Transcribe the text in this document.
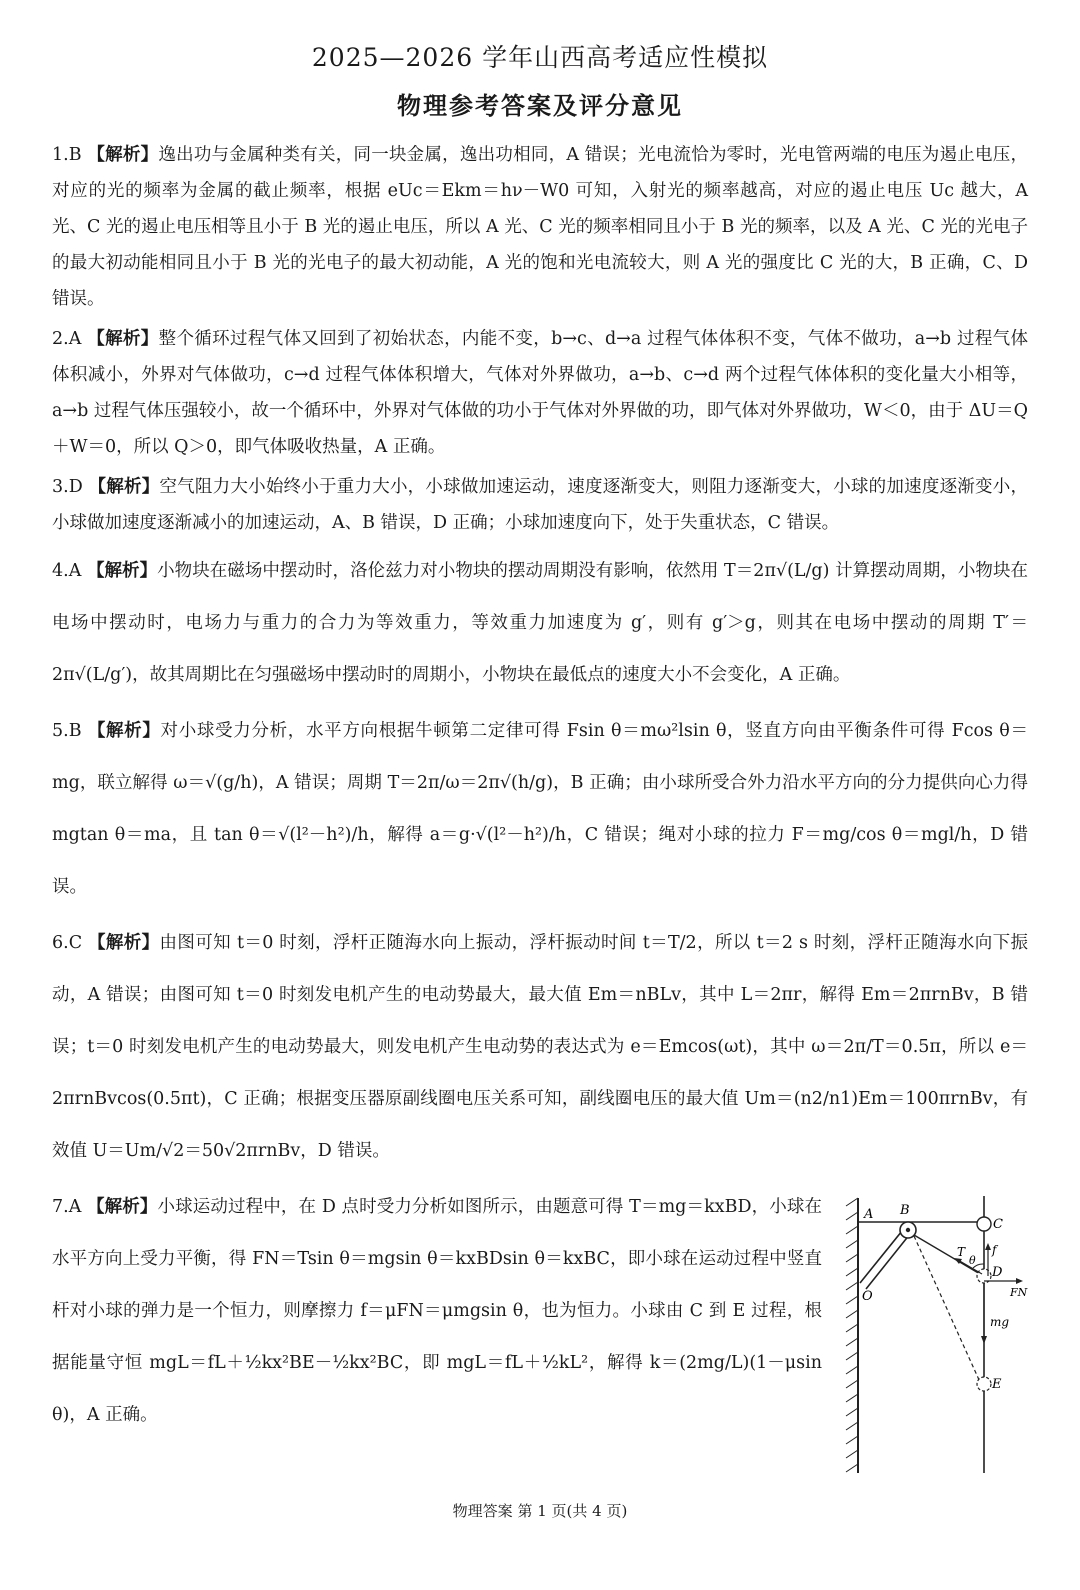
2025—2026 学年山西高考适应性模拟
物理参考答案及评分意见

1.B 【解析】逸出功与金属种类有关，同一块金属，逸出功相同，A 错误；光电流恰为零时，光电管两端的电压为遏止电压，对应的光的频率为金属的截止频率，根据 eUc＝Ekm＝hν－W0 可知，入射光的频率越高，对应的遏止电压 Uc 越大，A 光、C 光的遏止电压相等且小于 B 光的遏止电压，所以 A 光、C 光的频率相同且小于 B 光的频率，以及 A 光、C 光的光电子的最大初动能相同且小于 B 光的光电子的最大初动能，A 光的饱和光电流较大，则 A 光的强度比 C 光的大，B 正确，C、D 错误。

2.A 【解析】整个循环过程气体又回到了初始状态，内能不变，b→c、d→a 过程气体体积不变，气体不做功，a→b 过程气体体积减小，外界对气体做功，c→d 过程气体体积增大，气体对外界做功，a→b、c→d 两个过程气体体积的变化量大小相等，a→b 过程气体压强较小，故一个循环中，外界对气体做的功小于气体对外界做的功，即气体对外界做功，W＜0，由于 ΔU＝Q＋W＝0，所以 Q＞0，即气体吸收热量，A 正确。

3.D 【解析】空气阻力大小始终小于重力大小，小球做加速运动，速度逐渐变大，则阻力逐渐变大，小球的加速度逐渐变小，小球做加速度逐渐减小的加速运动，A、B 错误，D 正确；小球加速度向下，处于失重状态，C 错误。

4.A 【解析】小物块在磁场中摆动时，洛伦兹力对小物块的摆动周期没有影响，依然用 T＝2π√(L/g) 计算摆动周期，小物块在电场中摆动时，电场力与重力的合力为等效重力，等效重力加速度为 g′，则有 g′＞g，则其在电场中摆动的周期 T′＝2π√(L/g′)，故其周期比在匀强磁场中摆动时的周期小，小物块在最低点的速度大小不会变化，A 正确。

5.B 【解析】对小球受力分析，水平方向根据牛顿第二定律可得 Fsin θ＝mω²lsin θ，竖直方向由平衡条件可得 Fcos θ＝mg，联立解得 ω＝√(g/h)，A 错误；周期 T＝2π/ω＝2π√(h/g)，B 正确；由小球所受合外力沿水平方向的分力提供向心力得 mgtan θ＝ma，且 tan θ＝√(l²－h²)/h，解得 a＝g·√(l²－h²)/h，C 错误；绳对小球的拉力 F＝mg/cos θ＝mgl/h，D 错误。

6.C 【解析】由图可知 t＝0 时刻，浮杆正随海水向上振动，浮杆振动时间 t＝T/2，所以 t＝2 s 时刻，浮杆正随海水向下振动，A 错误；由图可知 t＝0 时刻发电机产生的电动势最大，最大值 Em＝nBLv，其中 L＝2πr，解得 Em＝2πrnBv，B 错误；t＝0 时刻发电机产生的电动势最大，则发电机产生电动势的表达式为 e＝Emcos(ωt)，其中 ω＝2π/T＝0.5π，所以 e＝2πrnBvcos(0.5πt)，C 正确；根据变压器原副线圈电压关系可知，副线圈电压的最大值 Um＝(n2/n1)Em＝100πrnBv，有效值 U＝Um/√2＝50√2πrnBv，D 错误。

7.A 【解析】小球运动过程中，在 D 点时受力分析如图所示，由题意可得 T＝mg＝kxBD，小球在水平方向上受力平衡，得 FN＝Tsin θ＝mgsin θ＝kxBDsin θ＝kxBC，即小球在运动过程中竖直杆对小球的弹力是一个恒力，则摩擦力 f＝μFN＝μmgsin θ，也为恒力。小球由 C 到 E 过程，根据能量守恒 mgL＝fL＋½kx²BE－½kx²BC，即 mgL＝fL＋½kL²，解得 k＝(2mg/L)(1－μsin θ)，A 正确。

A B
C
O
D
E
T
θ
f
FN
mg
物理答案 第 1 页(共 4 页)
